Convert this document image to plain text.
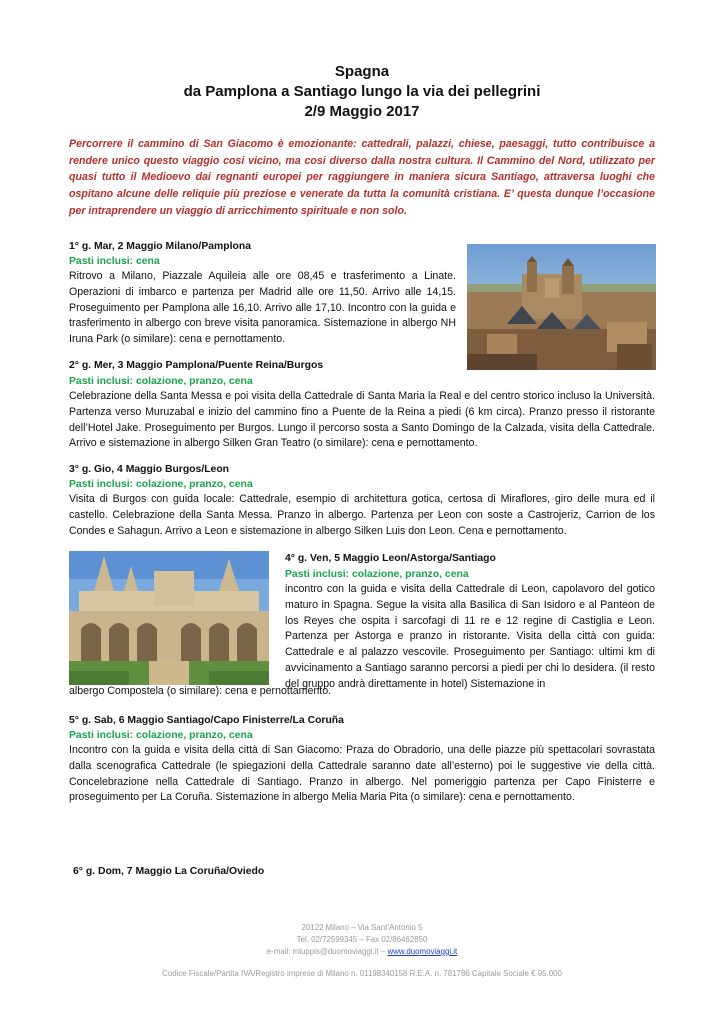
Spagna
da Pamplona a Santiago lungo la via dei pellegrini
2/9 Maggio 2017
Percorrere il cammino di San Giacomo è emozionante: cattedrali, palazzi, chiese, paesaggi, tutto contribuisce a rendere unico questo viaggio cosi vicino, ma cosi diverso dalla nostra cultura. Il Cammino del Nord, utilizzato per quasi tutto il Medioevo dai regnanti europei per raggiungere in maniera sicura Santiago, attraversa luoghi che ospitano alcune delle reliquie più preziose e venerate da tutta la comunità cristiana. E’ questa dunque l’occasione per intraprendere un viaggio di arricchimento spirituale e non solo.
1° g. Mar, 2 Maggio Milano/Pamplona
Pasti inclusi: cena
Ritrovo a Milano, Piazzale Aquileia alle ore 08,45 e trasferimento a Linate. Operazioni di imbarco e partenza per Madrid alle ore 11,50. Arrivo alle 14,15. Proseguimento per Pamplona alle 16,10. Arrivo alle 17,10. Incontro con la guida e trasferimento in albergo con breve visita panoramica. Sistemazione in albergo NH Iruna Park (o similare): cena e pernottamento.
2° g. Mer, 3 Maggio Pamplona/Puente Reina/Burgos
Pasti inclusi: colazione, pranzo, cena
Celebrazione della Santa Messa e poi visita della Cattedrale di Santa Maria la Real e del centro storico incluso la Università. Partenza verso Muruzabal e inizio del cammino fino a Puente de la Reina a piedi (6 km circa). Pranzo presso il ristorante dell’Hotel Jake. Proseguimento per Burgos. Lungo il percorso sosta a Santo Domingo de la Calzada, visita della Cattedrale. Arrivo e sistemazione in albergo Silken Gran Teatro (o similare): cena e pernottamento.
3° g. Gio, 4 Maggio Burgos/Leon
Pasti inclusi: colazione, pranzo, cena
Visita di Burgos con guida locale: Cattedrale, esempio di architettura gotica, certosa di Miraflores, giro delle mura ed il castello. Celebrazione della Santa Messa. Pranzo in albergo. Partenza per Leon con soste a Castrojeriz, Carrion de los Condes e Sahagun. Arrivo a Leon e sistemazione in albergo Silken Luis don Leon. Cena e pernottamento.
4° g. Ven, 5 Maggio Leon/Astorga/Santiago
Pasti inclusi: colazione, pranzo, cena
incontro con la guida e visita della Cattedrale di Leon, capolavoro del gotico maturo in Spagna. Segue la visita alla Basilica di San Isidoro e al Panteon de los Reyes che ospita i sarcofagi di 11 re e 12 regine di Castiglia e Leon. Partenza per Astorga e pranzo in ristorante. Visita della città con guida: Cattedrale e al palazzo vescovile. Proseguimento per Santiago: ultimi km di avvicinamento a Santiago saranno percorsi a piedi per chi lo desidera. (il resto del gruppo andrà direttamente in hotel) Sistemazione in
albergo Compostela (o similare): cena e pernottamento.
5° g. Sab, 6 Maggio Santiago/Capo Finisterre/La Coruña
Pasti inclusi: colazione, pranzo, cena
Incontro con la guida e visita della città di San Giacomo: Praza do Obradorio, una delle piazze più spettacolari sovrastata dalla scenografica Cattedrale (le spiegazioni della Cattedrale saranno date all’esterno) poi le suggestive vie della città. Concelebrazione nella Cattedrale di Santiago. Pranzo in albergo. Nel pomeriggio partenza per Capo Finisterre e proseguimento per La Coruña. Sistemazione in albergo Melia Maria Pita (o similare): cena e pernottamento.
6° g. Dom, 7 Maggio La Coruña/Oviedo
20122 Milano – Via Sant’Antonio 5
Tel. 02/72599345 – Fax 02/86462850
e-mail: mluppis@duomoviaggi.it – www.duomoviaggi.it
Codice Fiscale/Partita IVA/Registro imprese di Milano n. 01198340158 R.E.A. n. 781786 Capitale Sociale € 95.000
